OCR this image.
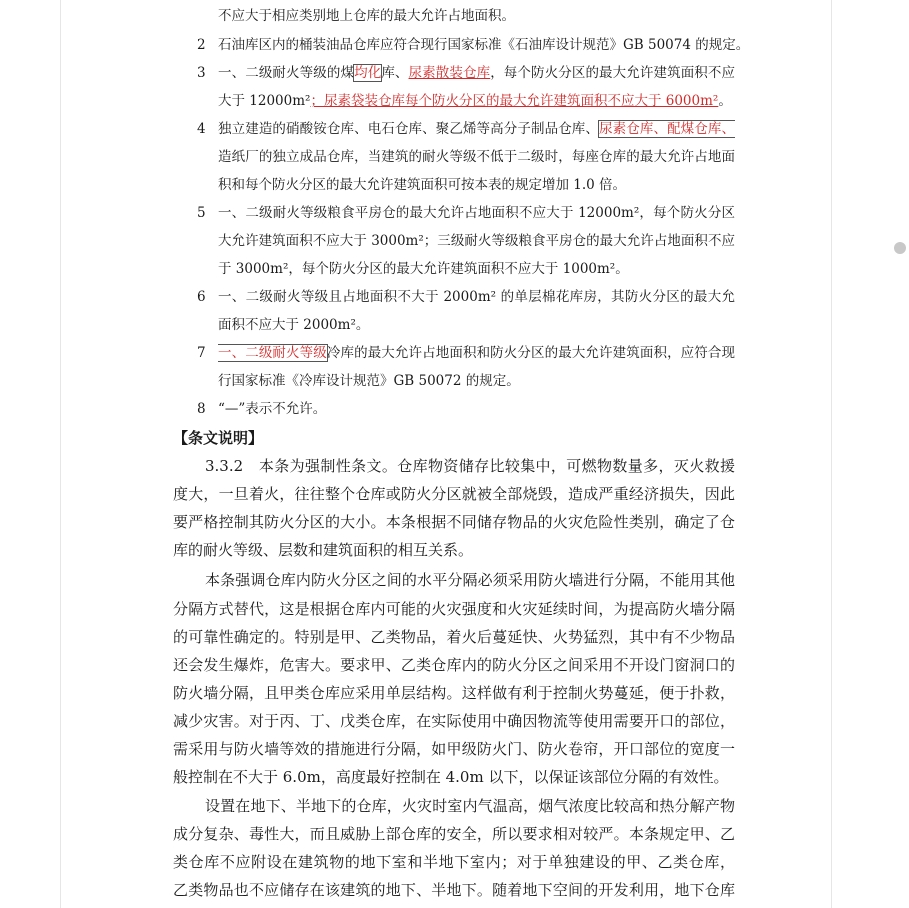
不应大于相应类别地上仓库的最大允许占地面积。
2 石油库区内的桶装油品仓库应符合现行国家标准《石油库设计规范》GB 50074 的规定。
3 一、二级耐火等级的煤均化库、尿素散装仓库，每个防火分区的最大允许建筑面积不应
大于 12000m²；尿素袋装仓库每个防火分区的最大允许建筑面积不应大于 6000m²。
4 独立建造的硝酸铵仓库、电石仓库、聚乙烯等高分子制品仓库、尿素仓库、配煤仓库、
造纸厂的独立成品仓库，当建筑的耐火等级不低于二级时，每座仓库的最大允许占地面
积和每个防火分区的最大允许建筑面积可按本表的规定增加 1.0 倍。
5 一、二级耐火等级粮食平房仓的最大允许占地面积不应大于 12000m²，每个防火分区
大允许建筑面积不应大于 3000m²；三级耐火等级粮食平房仓的最大允许占地面积不应
于 3000m²，每个防火分区的最大允许建筑面积不应大于 1000m²。
6 一、二级耐火等级且占地面积不大于 2000m² 的单层棉花库房，其防火分区的最大允
面积不应大于 2000m²。
7 一、二级耐火等级冷库的最大允许占地面积和防火分区的最大允许建筑面积，应符合现
行国家标准《冷库设计规范》GB 50072 的规定。
8 “—”表示不允许。
【条文说明】
3.3.2　本条为强制性条文。仓库物资储存比较集中，可燃物数量多，灭火救援
度大，一旦着火，往往整个仓库或防火分区就被全部烧毁，造成严重经济损失，因此
要严格控制其防火分区的大小。本条根据不同储存物品的火灾危险性类别，确定了仓
库的耐火等级、层数和建筑面积的相互关系。
本条强调仓库内防火分区之间的水平分隔必须采用防火墙进行分隔，不能用其他
分隔方式替代，这是根据仓库内可能的火灾强度和火灾延续时间，为提高防火墙分隔
的可靠性确定的。特别是甲、乙类物品，着火后蔓延快、火势猛烈，其中有不少物品
还会发生爆炸，危害大。要求甲、乙类仓库内的防火分区之间采用不开设门窗洞口的
防火墙分隔，且甲类仓库应采用单层结构。这样做有利于控制火势蔓延，便于扑救，
减少灾害。对于丙、丁、戊类仓库，在实际使用中确因物流等使用需要开口的部位，
需采用与防火墙等效的措施进行分隔，如甲级防火门、防火卷帘，开口部位的宽度一
般控制在不大于 6.0m，高度最好控制在 4.0m 以下，以保证该部位分隔的有效性。
设置在地下、半地下的仓库，火灾时室内气温高，烟气浓度比较高和热分解产物
成分复杂、毒性大，而且威胁上部仓库的安全，所以要求相对较严。本条规定甲、乙
类仓库不应附设在建筑物的地下室和半地下室内；对于单独建设的甲、乙类仓库，
乙类物品也不应储存在该建筑的地下、半地下。随着地下空间的开发利用，地下仓库
